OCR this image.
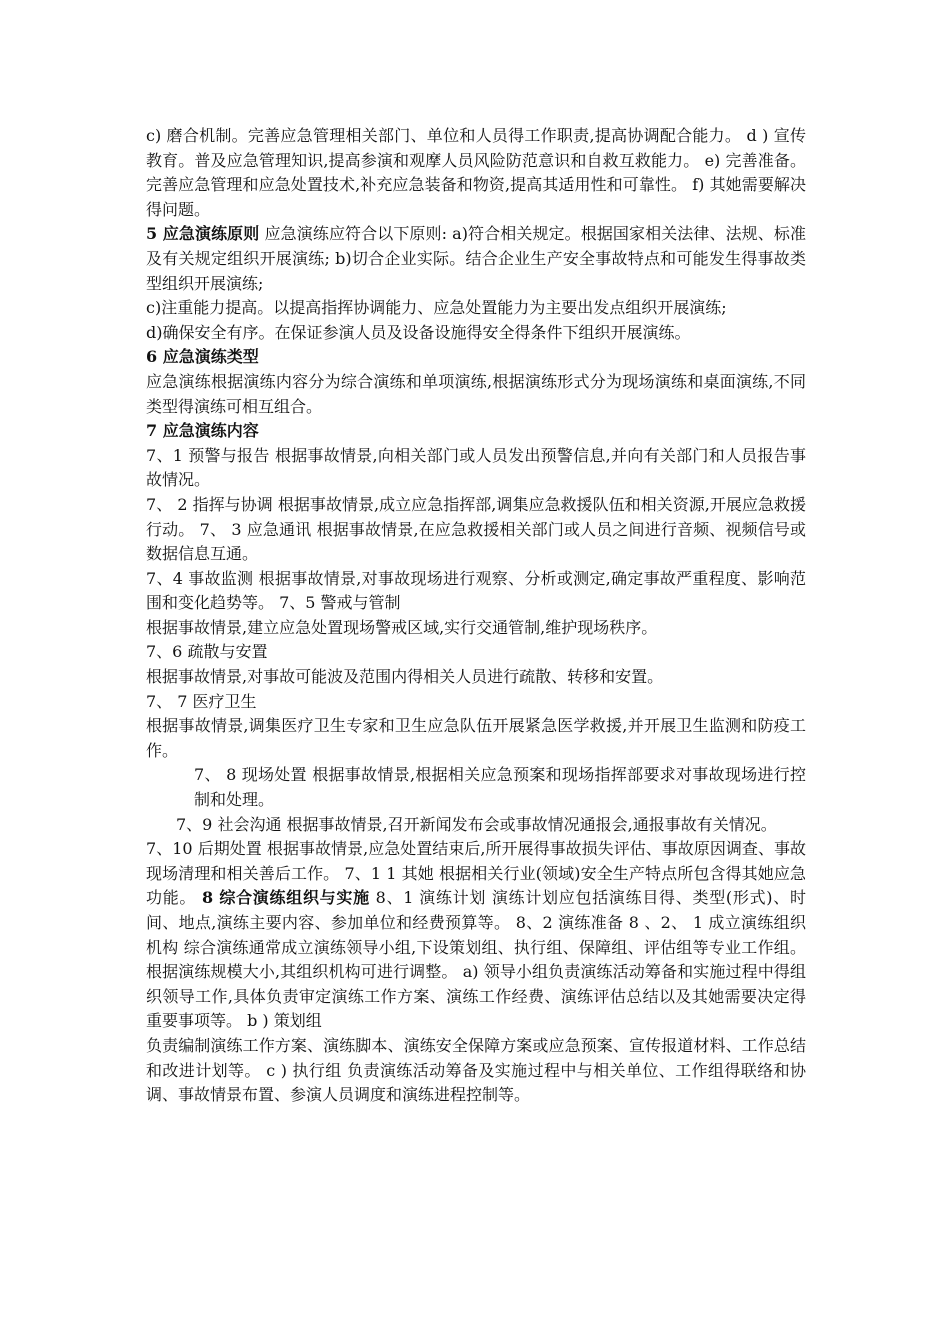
c) 磨合机制。完善应急管理相关部门、单位和人员得工作职责,提高协调配合能力。 d ) 宣传教育。普及应急管理知识,提高参演和观摩人员风险防范意识和自救互救能力。 e) 完善准备。完善应急管理和应急处置技术,补充应急装备和物资,提高其适用性和可靠性。 f) 其她需要解决得问题。

5 应急演练原则 应急演练应符合以下原则: a)符合相关规定。根据国家相关法律、法规、标准及有关规定组织开展演练; b)切合企业实际。结合企业生产安全事故特点和可能发生得事故类型组织开展演练;

c)注重能力提高。以提高指挥协调能力、应急处置能力为主要出发点组织开展演练;

d)确保安全有序。在保证参演人员及设备设施得安全得条件下组织开展演练。

6 应急演练类型

应急演练根据演练内容分为综合演练和单项演练,根据演练形式分为现场演练和桌面演练,不同类型得演练可相互组合。

7 应急演练内容

7、1 预警与报告 根据事故情景,向相关部门或人员发出预警信息,并向有关部门和人员报告事故情况。

7、 2 指挥与协调 根据事故情景,成立应急指挥部,调集应急救援队伍和相关资源,开展应急救援行动。 7、 3 应急通讯 根据事故情景,在应急救援相关部门或人员之间进行音频、视频信号或数据信息互通。

7、4 事故监测 根据事故情景,对事故现场进行观察、分析或测定,确定事故严重程度、影响范围和变化趋势等。 7、5 警戒与管制

根据事故情景,建立应急处置现场警戒区域,实行交通管制,维护现场秩序。

7、6 疏散与安置

根据事故情景,对事故可能波及范围内得相关人员进行疏散、转移和安置。

7、 7 医疗卫生

根据事故情景,调集医疗卫生专家和卫生应急队伍开展紧急医学救援,并开展卫生监测和防疫工作。

7、 8 现场处置 根据事故情景,根据相关应急预案和现场指挥部要求对事故现场进行控制和处理。

7、9 社会沟通 根据事故情景,召开新闻发布会或事故情况通报会,通报事故有关情况。

7、10 后期处置 根据事故情景,应急处置结束后,所开展得事故损失评估、事故原因调查、事故现场清理和相关善后工作。 7、1 1 其她 根据相关行业(领域)安全生产特点所包含得其她应急功能。 8 综合演练组织与实施 8、1 演练计划 演练计划应包括演练目得、类型(形式)、时间、地点,演练主要内容、参加单位和经费预算等。 8、2 演练准备 8 、2、 1 成立演练组织机构 综合演练通常成立演练领导小组,下设策划组、执行组、保障组、评估组等专业工作组。根据演练规模大小,其组织机构可进行调整。 a) 领导小组负责演练活动筹备和实施过程中得组织领导工作,具体负责审定演练工作方案、演练工作经费、演练评估总结以及其她需要决定得重要事项等。 b ) 策划组

负责编制演练工作方案、演练脚本、演练安全保障方案或应急预案、宣传报道材料、工作总结和改进计划等。 c ) 执行组 负责演练活动筹备及实施过程中与相关单位、工作组得联络和协调、事故情景布置、参演人员调度和演练进程控制等。
